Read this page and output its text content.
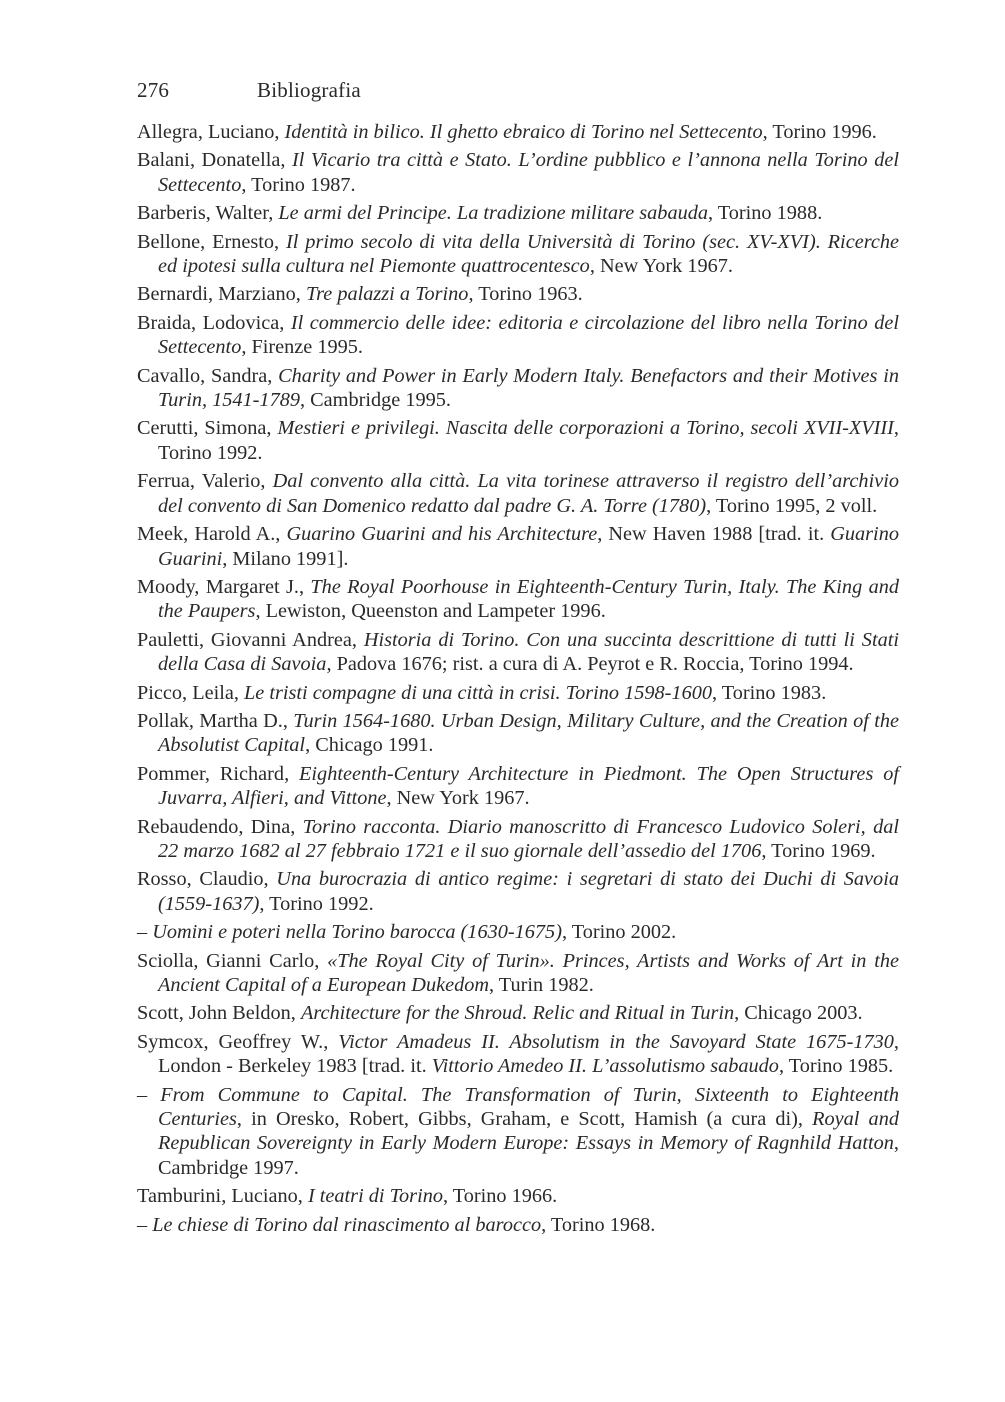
276	Bibliografia

Allegra, Luciano, Identità in bilico. Il ghetto ebraico di Torino nel Settecento, Torino 1996.

Balani, Donatella, Il Vicario tra città e Stato. L’ordine pubblico e l’annona nella Torino del Settecento, Torino 1987.

Barberis, Walter, Le armi del Principe. La tradizione militare sabauda, Torino 1988.

Bellone, Ernesto, Il primo secolo di vita della Università di Torino (sec. XV-XVI). Ricerche ed ipotesi sulla cultura nel Piemonte quattrocentesco, New York 1967.

Bernardi, Marziano, Tre palazzi a Torino, Torino 1963.

Braida, Lodovica, Il commercio delle idee: editoria e circolazione del libro nella Torino del Settecento, Firenze 1995.

Cavallo, Sandra, Charity and Power in Early Modern Italy. Benefactors and their Motives in Turin, 1541-1789, Cambridge 1995.

Cerutti, Simona, Mestieri e privilegi. Nascita delle corporazioni a Torino, secoli XVII-XVIII, Torino 1992.

Ferrua, Valerio, Dal convento alla città. La vita torinese attraverso il registro dell’archivio del convento di San Domenico redatto dal padre G. A. Torre (1780), Torino 1995, 2 voll.

Meek, Harold A., Guarino Guarini and his Architecture, New Haven 1988 [trad. it. Guarino Guarini, Milano 1991].

Moody, Margaret J., The Royal Poorhouse in Eighteenth-Century Turin, Italy. The King and the Paupers, Lewiston, Queenston and Lampeter 1996.

Pauletti, Giovanni Andrea, Historia di Torino. Con una succinta descrittione di tutti li Stati della Casa di Savoia, Padova 1676; rist. a cura di A. Peyrot e R. Roccia, Torino 1994.

Picco, Leila, Le tristi compagne di una città in crisi. Torino 1598-1600, Torino 1983.

Pollak, Martha D., Turin 1564-1680. Urban Design, Military Culture, and the Creation of the Absolutist Capital, Chicago 1991.

Pommer, Richard, Eighteenth-Century Architecture in Piedmont. The Open Structures of Juvarra, Alfieri, and Vittone, New York 1967.

Rebaudendo, Dina, Torino racconta. Diario manoscritto di Francesco Ludovico Soleri, dal 22 marzo 1682 al 27 febbraio 1721 e il suo giornale dell’assedio del 1706, Torino 1969.

Rosso, Claudio, Una burocrazia di antico regime: i segretari di stato dei Duchi di Savoia (1559-1637), Torino 1992.

– Uomini e poteri nella Torino barocca (1630-1675), Torino 2002.

Sciolla, Gianni Carlo, «The Royal City of Turin». Princes, Artists and Works of Art in the Ancient Capital of a European Dukedom, Turin 1982.

Scott, John Beldon, Architecture for the Shroud. Relic and Ritual in Turin, Chicago 2003.

Symcox, Geoffrey W., Victor Amadeus II. Absolutism in the Savoyard State 1675-1730, London - Berkeley 1983 [trad. it. Vittorio Amedeo II. L’assolutismo sabaudo, Torino 1985.

– From Commune to Capital. The Transformation of Turin, Sixteenth to Eighteenth Centuries, in Oresko, Robert, Gibbs, Graham, e Scott, Hamish (a cura di), Royal and Republican Sovereignty in Early Modern Europe: Essays in Memory of Ragnhild Hatton, Cambridge 1997.

Tamburini, Luciano, I teatri di Torino, Torino 1966.

– Le chiese di Torino dal rinascimento al barocco, Torino 1968.
